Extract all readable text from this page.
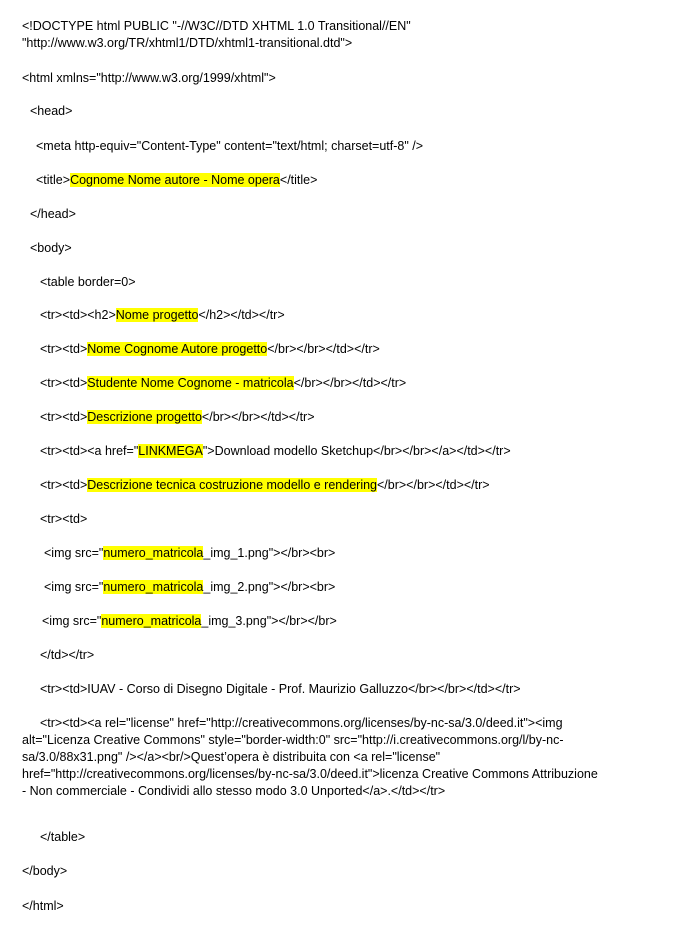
<!DOCTYPE html PUBLIC "-//W3C//DTD XHTML 1.0 Transitional//EN"
"http://www.w3.org/TR/xhtml1/DTD/xhtml1-transitional.dtd">
<html xmlns="http://www.w3.org/1999/xhtml">
<head>
<meta http-equiv="Content-Type" content="text/html; charset=utf-8" />
<title>Cognome Nome autore - Nome opera</title>
</head>
<body>
<table border=0>
<tr><td><h2>Nome progetto</h2></td></tr>
<tr><td>Nome Cognome Autore progetto</br></br></td></tr>
<tr><td>Studente Nome Cognome - matricola</br></br></td></tr>
<tr><td>Descrizione progetto</br></br></td></tr>
<tr><td><a href="LINKMEGA">Download modello Sketchup</br></br></a></td></tr>
<tr><td>Descrizione tecnica costruzione modello e rendering</br></br></td></tr>
<tr><td>
<img src="numero_matricola_img_1.png"></br><br>
<img src="numero_matricola_img_2.png"></br><br>
<img src="numero_matricola_img_3.png"></br></br>
</td></tr>
<tr><td>IUAV - Corso di Disegno Digitale - Prof. Maurizio Galluzzo</br></br></td></tr>
<tr><td><a rel="license" href="http://creativecommons.org/licenses/by-nc-sa/3.0/deed.it"><img
alt="Licenza Creative Commons" style="border-width:0" src="http://i.creativecommons.org/l/by-nc-
sa/3.0/88x31.png" /></a><br/>Quest’opera è distribuita con <a rel="license"
href="http://creativecommons.org/licenses/by-nc-sa/3.0/deed.it">licenza Creative Commons Attribuzione
- Non commerciale - Condividi allo stesso modo 3.0 Unported</a>.</td></tr>
</table>
</body>
</html>
